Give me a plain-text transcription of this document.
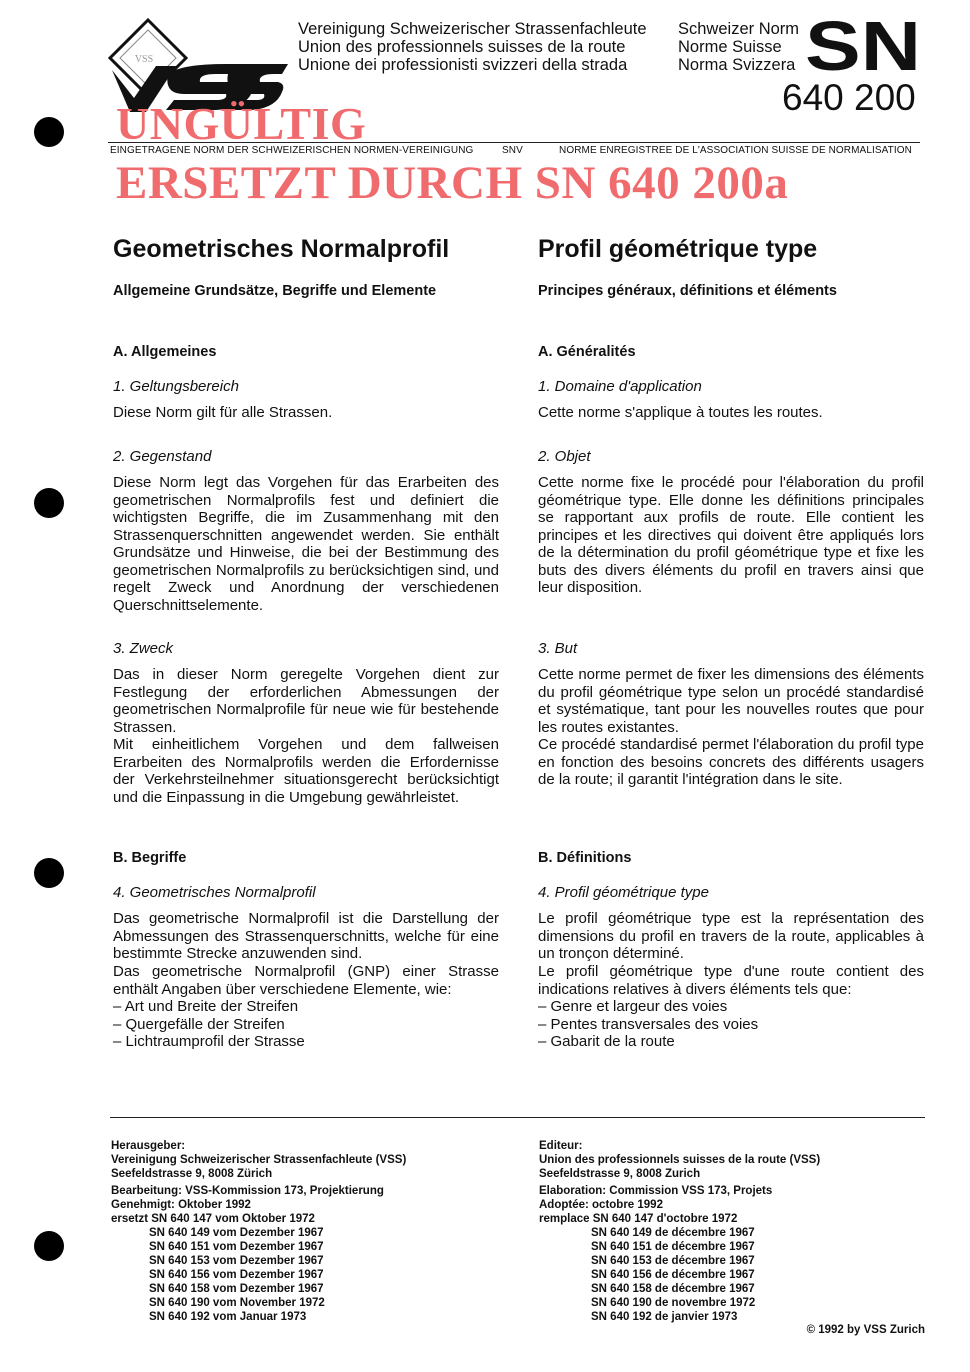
VSS
Vereinigung Schweizerischer Strassenfachleute
Union des professionnels suisses de la route
Unione dei professionisti svizzeri della strada
Schweizer Norm
Norme Suisse
Norma Svizzera SN
640 200
UNGÜLTIG
EINGETRAGENE NORM DER SCHWEIZERISCHEN NORMEN-VEREINIGUNG	SNV	NORME ENREGISTREE DE L'ASSOCIATION SUISSE DE NORMALISATION
ERSETZT DURCH SN 640 200a
Geometrisches Normalprofil
Allgemeine Grundsätze, Begriffe und Elemente
A. Allgemeines
1. Geltungsbereich

Diese Norm gilt für alle Strassen.

2. Gegenstand

Diese Norm legt das Vorgehen für das Erarbeiten des geometrischen Normalprofils fest und definiert die wichtigsten Begriffe, die im Zusammenhang mit den Strassenquerschnitten angewendet werden. Sie enthält Grundsätze und Hinweise, die bei der Bestimmung des geometrischen Normalprofils zu berücksichtigen sind, und regelt Zweck und Anordnung der verschiedenen Querschnittselemente.

3. Zweck

Das in dieser Norm geregelte Vorgehen dient zur Festlegung der erforderlichen Abmessungen der geometrischen Normalprofile für neue wie für bestehende Strassen.

Mit einheitlichem Vorgehen und dem fallweisen Erarbeiten des Normalprofils werden die Erfordernisse der Verkehrsteilnehmer situationsgerecht berücksichtigt und die Einpassung in die Umgebung gewährleistet.

B. Begriffe
4. Geometrisches Normalprofil

Das geometrische Normalprofil ist die Darstellung der Abmessungen des Strassenquerschnitts, welche für eine bestimmte Strecke anzuwenden sind.

Das geometrische Normalprofil (GNP) einer Strasse enthält Angaben über verschiedene Elemente, wie:

– Art und Breite der Streifen
– Quergefälle der Streifen
– Lichtraumprofil der Strasse
Profil géométrique type
Principes généraux, définitions et éléments
A. Généralités
1. Domaine d'application

Cette norme s'applique à toutes les routes.

2. Objet

Cette norme fixe le procédé pour l'élaboration du profil géométrique type. Elle donne les définitions principales se rapportant aux profils de route. Elle contient les principes et les directives qui doivent être appliqués lors de la détermination du profil géométrique type et fixe les buts des divers éléments du profil en travers ainsi que leur disposition.

3. But

Cette norme permet de fixer les dimensions des éléments du profil géométrique type selon un procédé standardisé et systématique, tant pour les nouvelles routes que pour les routes existantes.

Ce procédé standardisé permet l'élaboration du profil type en fonction des besoins concrets des différents usagers de la route; il garantit l'intégration dans le site.

B. Définitions
4. Profil géométrique type

Le profil géométrique type est la représentation des dimensions du profil en travers de la route, applicables à un tronçon déterminé.

Le profil géométrique type d'une route contient des indications relatives à divers éléments tels que:

– Genre et largeur des voies
– Pentes transversales des voies
– Gabarit de la route
Herausgeber:
Vereinigung Schweizerischer Strassenfachleute (VSS)
Seefeldstrasse 9, 8008 Zürich
Bearbeitung: VSS-Kommission 173, Projektierung
Genehmigt: Oktober 1992
ersetzt SN 640 147 vom Oktober 1972
SN 640 149 vom Dezember 1967
SN 640 151 vom Dezember 1967
SN 640 153 vom Dezember 1967
SN 640 156 vom Dezember 1967
SN 640 158 vom Dezember 1967
SN 640 190 vom November 1972
SN 640 192 vom Januar 1973
Editeur:
Union des professionnels suisses de la route (VSS)
Seefeldstrasse 9, 8008 Zurich
Elaboration: Commission VSS 173, Projets
Adoptée: octobre 1992
remplace SN 640 147 d'octobre 1972
SN 640 149 de décembre 1967
SN 640 151 de décembre 1967
SN 640 153 de décembre 1967
SN 640 156 de décembre 1967
SN 640 158 de décembre 1967
SN 640 190 de novembre 1972
SN 640 192 de janvier 1973
© 1992 by VSS Zurich
